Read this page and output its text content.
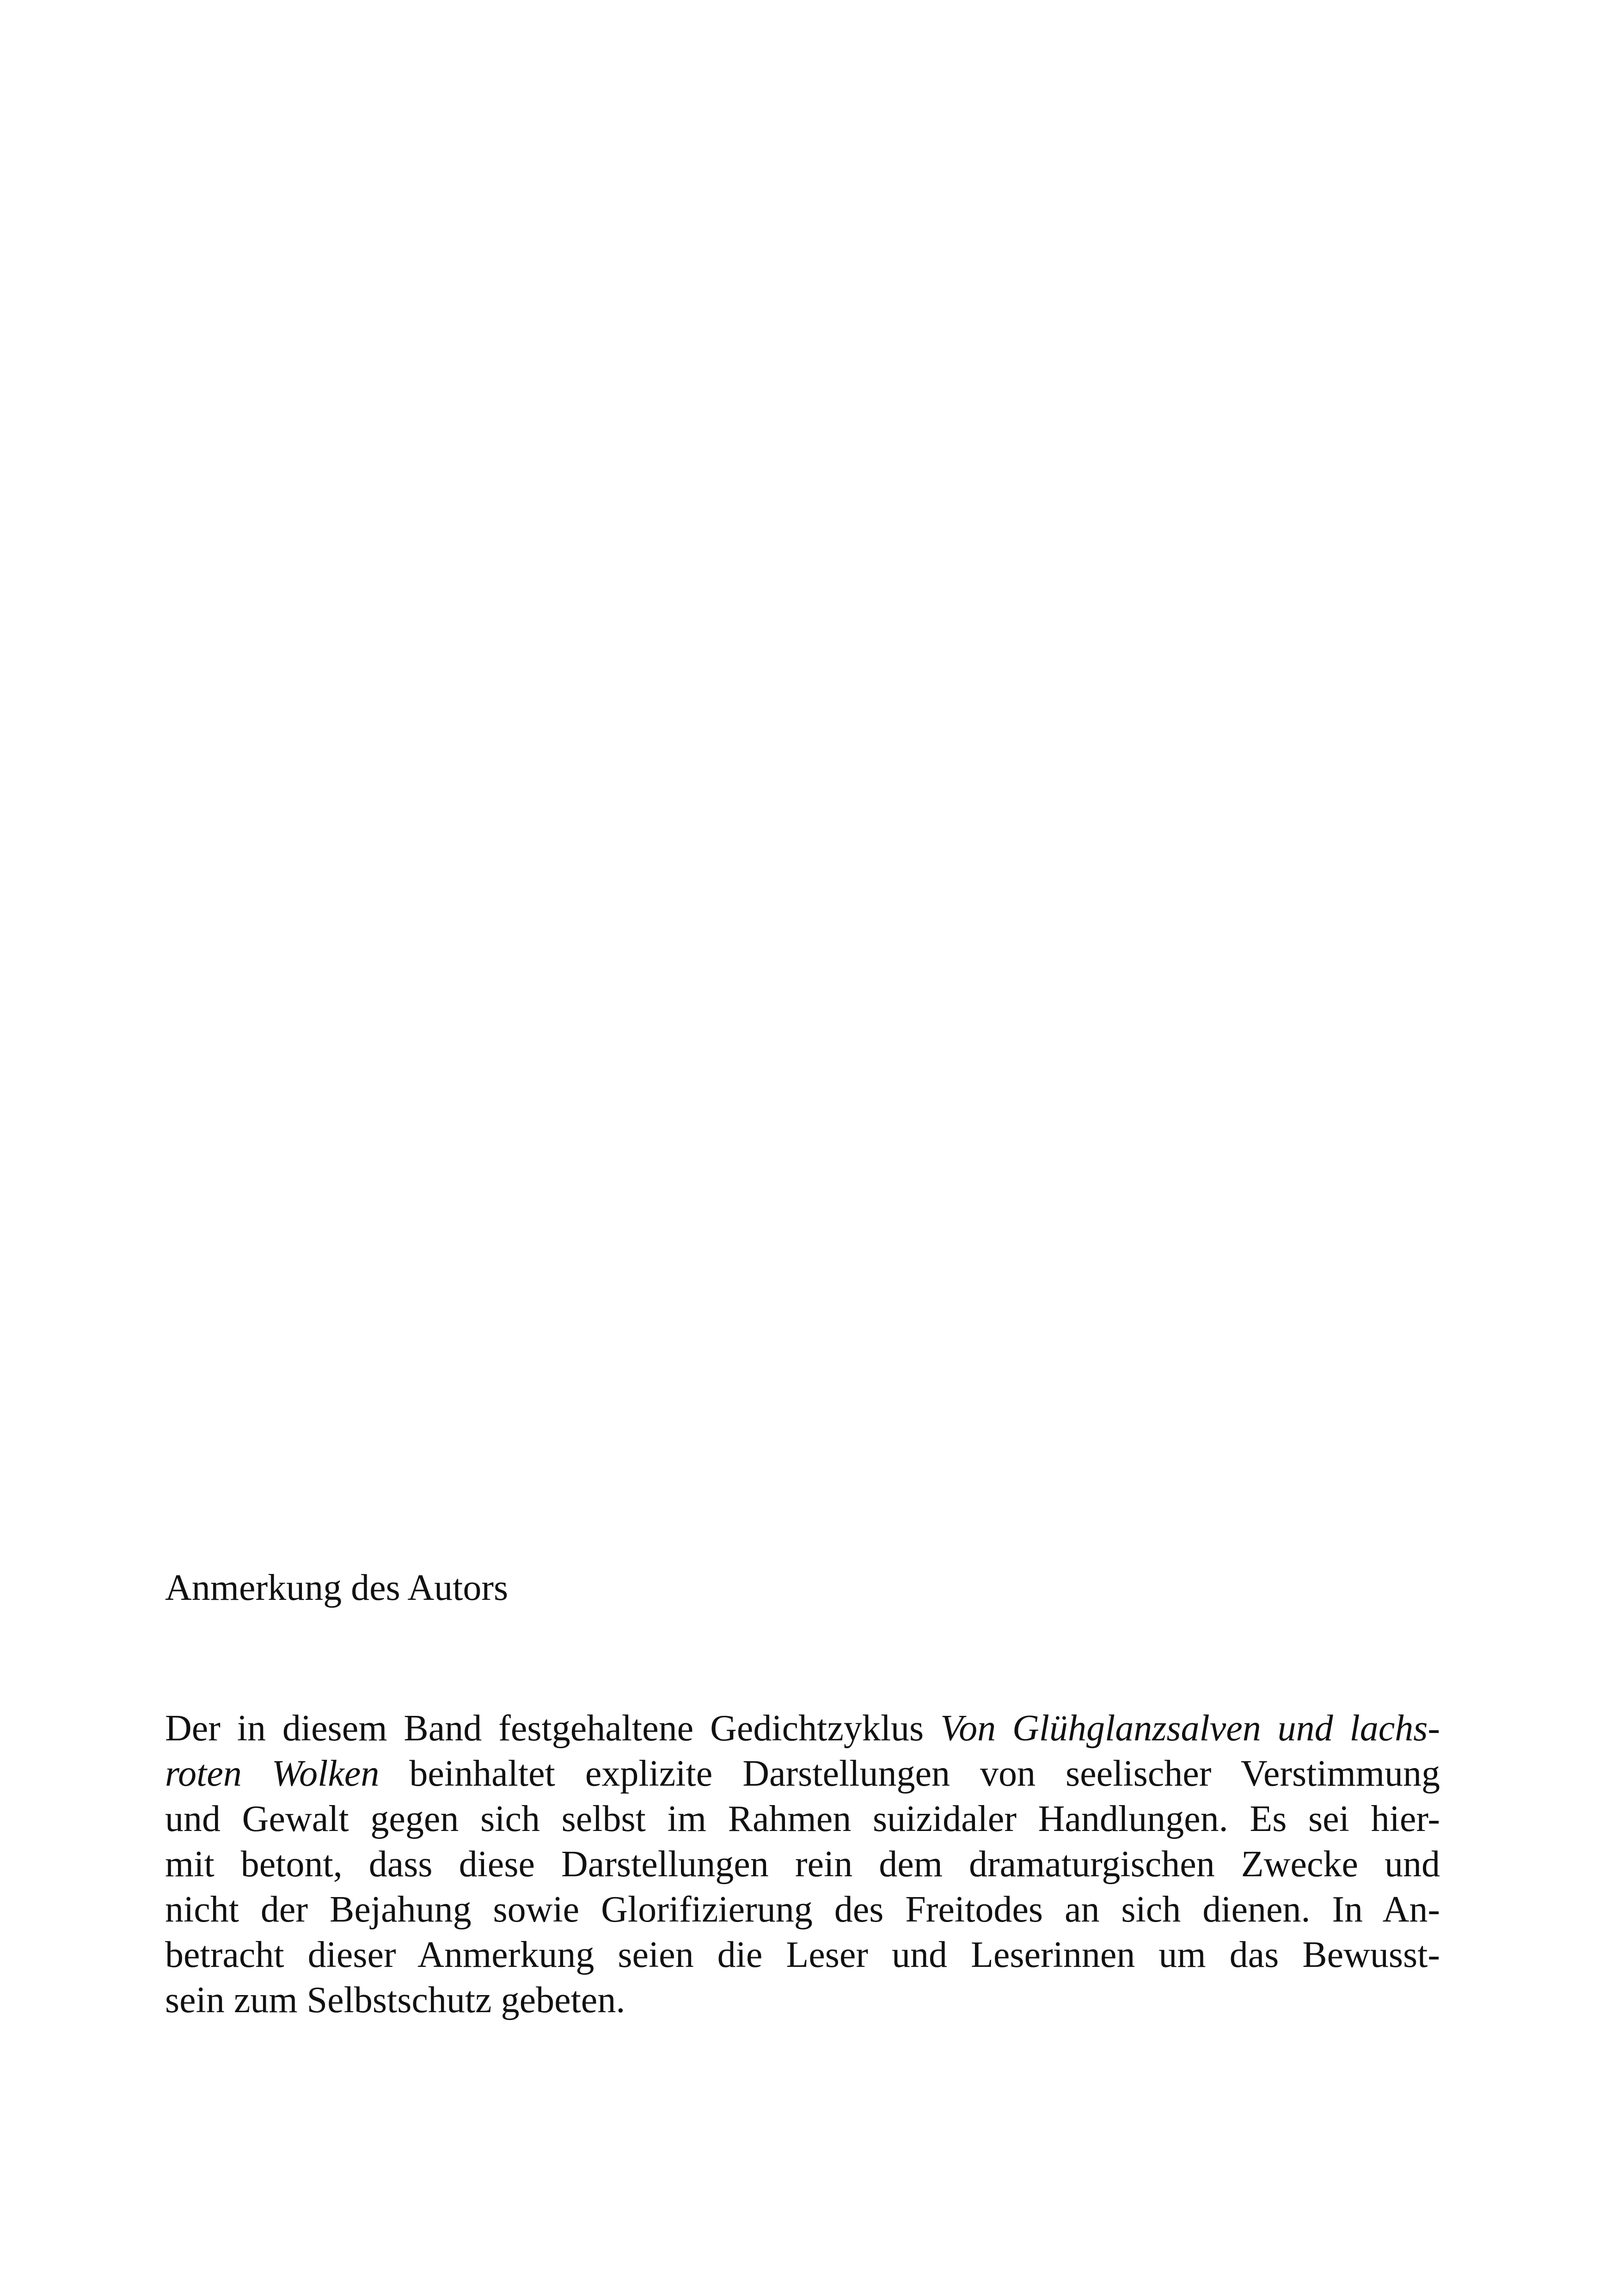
Anmerkung des Autors
Der in diesem Band festgehaltene Gedichtzyklus Von Glühglanzsalven und lachs-
roten Wolken beinhaltet explizite Darstellungen von seelischer Verstimmung
und Gewalt gegen sich selbst im Rahmen suizidaler Handlungen. Es sei hier-
mit betont, dass diese Darstellungen rein dem dramaturgischen Zwecke und
nicht der Bejahung sowie Glorifizierung des Freitodes an sich dienen. In An-
betracht dieser Anmerkung seien die Leser und Leserinnen um das Bewusst-
sein zum Selbstschutz gebeten.
